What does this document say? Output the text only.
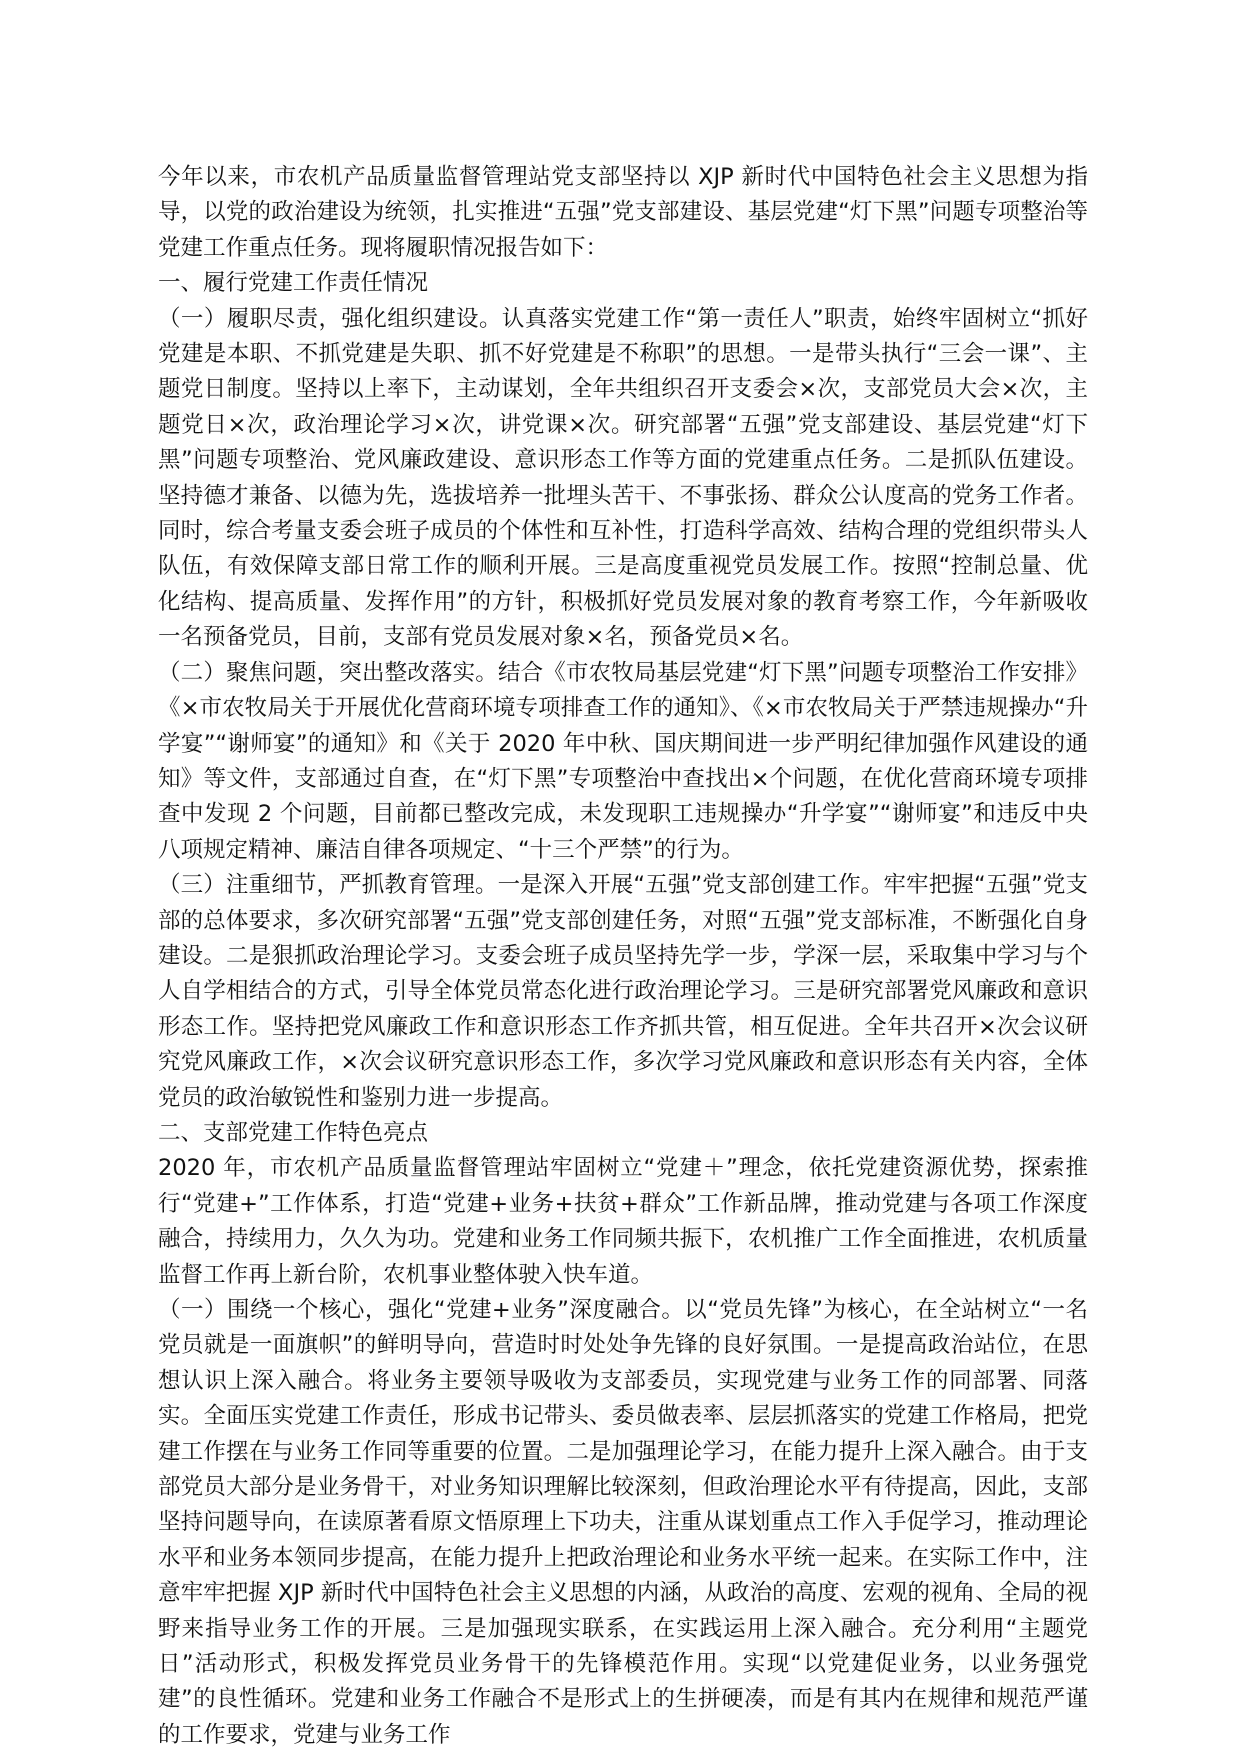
今年以来，市农机产品质量监督管理站党支部坚持以 XJP 新时代中国特色社会主义思想为指导，以党的政治建设为统领，扎实推进“五强”党支部建设、基层党建“灯下黑”问题专项整治等党建工作重点任务。现将履职情况报告如下：

一、履行党建工作责任情况

（一）履职尽责，强化组织建设。认真落实党建工作“第一责任人”职责，始终牢固树立“抓好党建是本职、不抓党建是失职、抓不好党建是不称职”的思想。一是带头执行“三会一课”、主题党日制度。坚持以上率下，主动谋划，全年共组织召开支委会×次，支部党员大会×次，主题党日×次，政治理论学习×次，讲党课×次。研究部署“五强”党支部建设、基层党建“灯下黑”问题专项整治、党风廉政建设、意识形态工作等方面的党建重点任务。二是抓队伍建设。坚持德才兼备、以德为先，选拔培养一批埋头苦干、不事张扬、群众公认度高的党务工作者。同时，综合考量支委会班子成员的个体性和互补性，打造科学高效、结构合理的党组织带头人队伍，有效保障支部日常工作的顺利开展。三是高度重视党员发展工作。按照“控制总量、优化结构、提高质量、发挥作用”的方针，积极抓好党员发展对象的教育考察工作，今年新吸收一名预备党员，目前，支部有党员发展对象×名，预备党员×名。

（二）聚焦问题，突出整改落实。结合《市农牧局基层党建“灯下黑”问题专项整治工作安排》《×市农牧局关于开展优化营商环境专项排查工作的通知》、《×市农牧局关于严禁违规操办“升学宴”“谢师宴”的通知》和《关于 2020 年中秋、国庆期间进一步严明纪律加强作风建设的通知》等文件，支部通过自查，在“灯下黑”专项整治中查找出×个问题，在优化营商环境专项排查中发现 2 个问题，目前都已整改完成，未发现职工违规操办“升学宴”“谢师宴”和违反中央八项规定精神、廉洁自律各项规定、“十三个严禁”的行为。

（三）注重细节，严抓教育管理。一是深入开展“五强”党支部创建工作。牢牢把握“五强”党支部的总体要求，多次研究部署“五强”党支部创建任务，对照“五强”党支部标准，不断强化自身建设。二是狠抓政治理论学习。支委会班子成员坚持先学一步，学深一层，采取集中学习与个人自学相结合的方式，引导全体党员常态化进行政治理论学习。三是研究部署党风廉政和意识形态工作。坚持把党风廉政工作和意识形态工作齐抓共管，相互促进。全年共召开×次会议研究党风廉政工作，×次会议研究意识形态工作，多次学习党风廉政和意识形态有关内容，全体党员的政治敏锐性和鉴别力进一步提高。

二、支部党建工作特色亮点

2020 年，市农机产品质量监督管理站牢固树立“党建＋”理念，依托党建资源优势，探索推行“党建+”工作体系，打造“党建+业务+扶贫+群众”工作新品牌，推动党建与各项工作深度融合，持续用力，久久为功。党建和业务工作同频共振下，农机推广工作全面推进，农机质量监督工作再上新台阶，农机事业整体驶入快车道。

（一）围绕一个核心，强化“党建+业务”深度融合。以“党员先锋”为核心，在全站树立“一名党员就是一面旗帜”的鲜明导向，营造时时处处争先锋的良好氛围。一是提高政治站位，在思想认识上深入融合。将业务主要领导吸收为支部委员，实现党建与业务工作的同部署、同落实。全面压实党建工作责任，形成书记带头、委员做表率、层层抓落实的党建工作格局，把党建工作摆在与业务工作同等重要的位置。二是加强理论学习，在能力提升上深入融合。由于支部党员大部分是业务骨干，对业务知识理解比较深刻，但政治理论水平有待提高，因此，支部坚持问题导向，在读原著看原文悟原理上下功夫，注重从谋划重点工作入手促学习，推动理论水平和业务本领同步提高，在能力提升上把政治理论和业务水平统一起来。在实际工作中，注意牢牢把握 XJP 新时代中国特色社会主义思想的内涵，从政治的高度、宏观的视角、全局的视野来指导业务工作的开展。三是加强现实联系，在实践运用上深入融合。充分利用“主题党日”活动形式，积极发挥党员业务骨干的先锋模范作用。实现“以党建促业务，以业务强党建”的良性循环。党建和业务工作融合不是形式上的生拼硬凑，而是有其内在规律和规范严谨的工作要求，党建与业务工作
